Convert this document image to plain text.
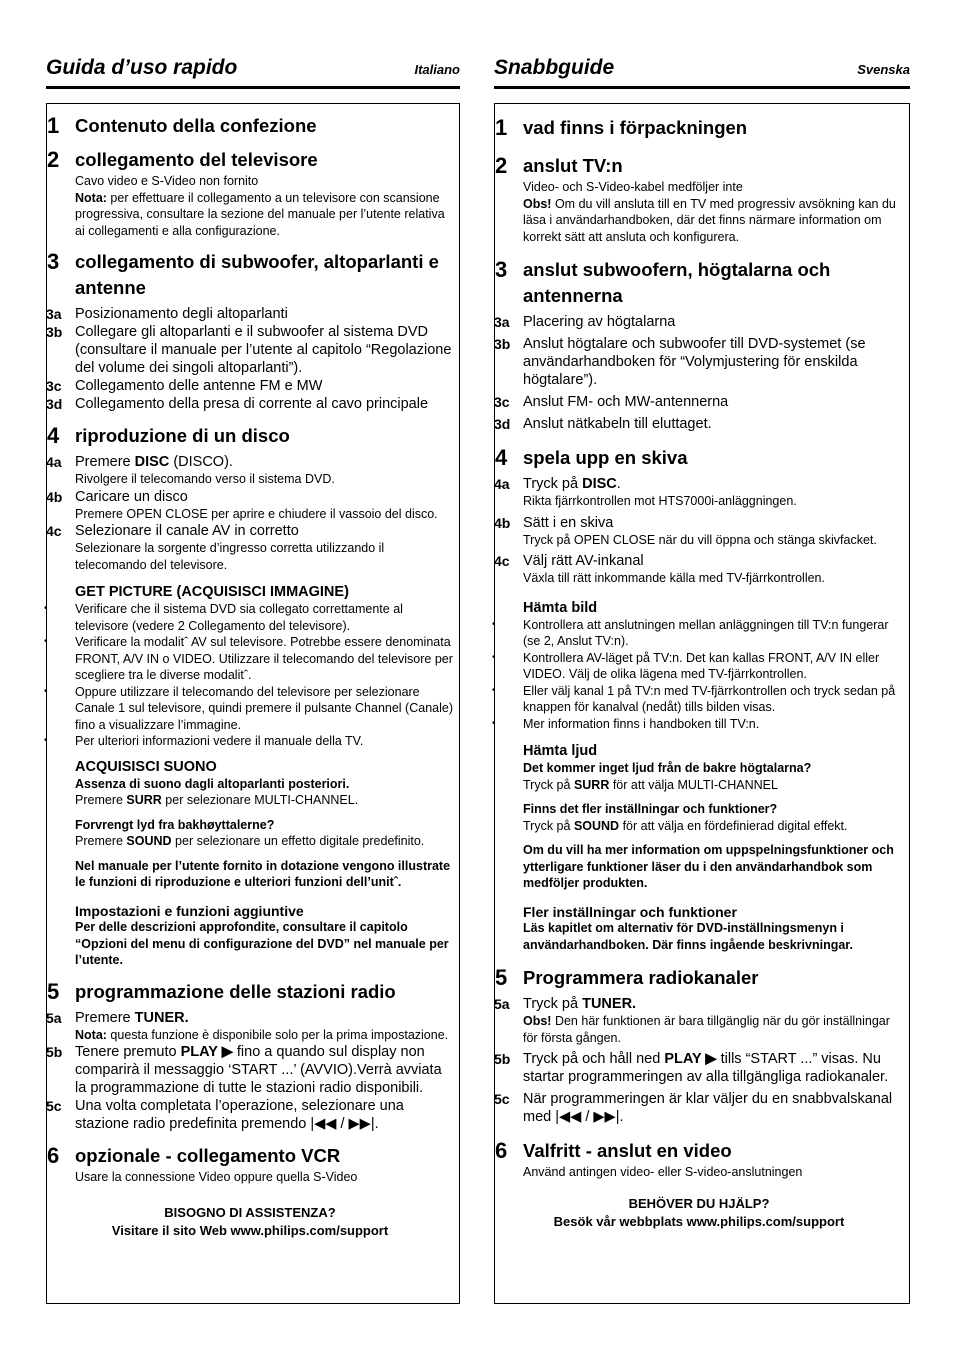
Guida d’uso rapido	Italiano
1 Contenuto della confezione
2 collegamento del televisore
Cavo video e S-Video non fornito
Nota: per effettuare il collegamento a un televisore con scansione progressiva, consultare la sezione del manuale per l’utente relativa ai collegamenti e alla configurazione.
3 collegamento di subwoofer, altoparlanti e antenne
3a Posizionamento degli altoparlanti
3b Collegare gli altoparlanti e il subwoofer al sistema DVD (consultare il manuale per l’utente al capitolo “Regolazione del volume dei singoli altoparlanti”).
3c Collegamento delle antenne FM e MW
3d Collegamento della presa di corrente al cavo principale
4 riproduzione di un disco
4a Premere DISC (DISCO).
Rivolgere il telecomando verso il sistema DVD.
4b Caricare un disco
Premere OPEN CLOSE per aprire e chiudere il vassoio del disco.
4c Selezionare il canale AV in corretto
Selezionare la sorgente d’ingresso corretta utilizzando il telecomando del televisore.
GET PICTURE (ACQUISISCI IMMAGINE)
• Verificare che il sistema DVD sia collegato correttamente al televisore (vedere 2 Collegamento del televisore).
• Verificare la modalitˆ AV sul televisore. Potrebbe essere denominata FRONT, A/V IN o VIDEO. Utilizzare il telecomando del televisore per scegliere tra le diverse modalitˆ.
• Oppure utilizzare il telecomando del televisore per selezionare Canale 1 sul televisore, quindi premere il pulsante Channel (Canale) fino a visualizzare l’immagine.
• Per ulteriori informazioni vedere il manuale della TV.
ACQUISISCI SUONO
Assenza di suono dagli altoparlanti posteriori.
Premere SURR per selezionare MULTI-CHANNEL.
Forvrengt lyd fra bakhøyttalerne?
Premere SOUND per selezionare un effetto digitale predefinito.
Nel manuale per l’utente fornito in dotazione vengono illustrate le funzioni di riproduzione e ulteriori funzioni dell’unitˆ.
Impostazioni e funzioni aggiuntive
Per delle descrizioni approfondite, consultare il capitolo “Opzioni del menu di configurazione del DVD” nel manuale per l’utente.
5 programmazione delle stazioni radio
5a Premere TUNER.
Nota: questa funzione è disponibile solo per la prima impostazione.
5b Tenere premuto PLAY ▶ fino a quando sul display non comparirà il messaggio ‘START ...’ (AVVIO).Verrà avviata la programmazione di tutte le stazioni radio disponibili.
5c Una volta completata l’operazione, selezionare una stazione radio predefinita premendo |◀◀ / ▶▶|.
6 opzionale - collegamento VCR
Usare la connessione Video oppure quella S-Video
BISOGNO DI ASSISTENZA?
Visitare il sito Web www.philips.com/support
Snabbguide	Svenska
1 vad finns i förpackningen
2 anslut TV:n
Video- och S-Video-kabel medföljer inte
Obs! Om du vill ansluta till en TV med progressiv avsökning kan du läsa i användarhandboken, där det finns närmare information om korrekt sätt att ansluta och konfigurera.
3 anslut subwoofern, högtalarna och antennerna
3a Placering av högtalarna
3b Anslut högtalare och subwoofer till DVD-systemet (se användarhandboken för “Volymjustering för enskilda högtalare”).
3c Anslut FM- och MW-antennerna
3d Anslut nätkabeln till eluttaget.
4 spela upp en skiva
4a Tryck på DISC.
Rikta fjärrkontrollen mot HTS7000i-anläggningen.
4b Sätt i en skiva
Tryck på OPEN CLOSE när du vill öppna och stänga skivfacket.
4c Välj rätt AV-inkanal
Växla till rätt inkommande källa med TV-fjärrkontrollen.
Hämta bild
• Kontrollera att anslutningen mellan anläggningen till TV:n fungerar (se 2, Anslut TV:n).
• Kontrollera AV-läget på TV:n. Det kan kallas FRONT, A/V IN eller VIDEO. Välj de olika lägena med TV-fjärrkontrollen.
• Eller välj kanal 1 på TV:n med TV-fjärrkontrollen och tryck sedan på knappen för kanalval (nedåt) tills bilden visas.
• Mer information finns i handboken till TV:n.
Hämta ljud
Det kommer inget ljud från de bakre högtalarna?
Tryck på SURR för att välja MULTI-CHANNEL
Finns det fler inställningar och funktioner?
Tryck på SOUND för att välja en fördefinierad digital effekt.
Om du vill ha mer information om uppspelningsfunktioner och ytterligare funktioner läser du i den användarhandbok som medföljer produkten.
Fler inställningar och funktioner
Läs kapitlet om alternativ för DVD-inställningsmenyn i användarhandboken. Där finns ingående beskrivningar.
5 Programmera radiokanaler
5a Tryck på TUNER.
Obs! Den här funktionen är bara tillgänglig när du gör inställningar för första gången.
5b Tryck på och håll ned PLAY ▶ tills “START ...” visas. Nu startar programmeringen av alla tillgängliga radiokanaler.
5c När programmeringen är klar väljer du en snabbvalskanal med |◀◀ / ▶▶|.
6 Valfritt - anslut en video
Använd antingen video- eller S-video-anslutningen
BEHÖVER DU HJÄLP?
Besök vår webbplats www.philips.com/support
